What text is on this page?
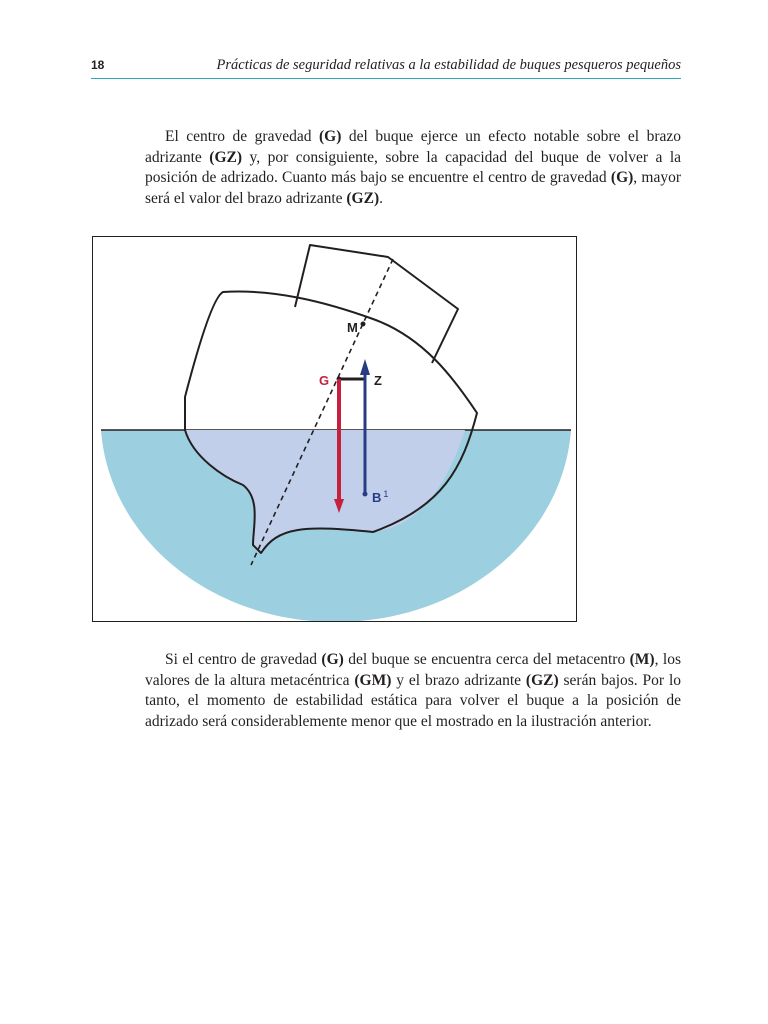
18	Prácticas de seguridad relativas a la estabilidad de buques pesqueros pequeños

El centro de gravedad (G) del buque ejerce un efecto notable sobre el brazo adrizante (GZ) y, por consiguiente, sobre la capacidad del buque de volver a la posición de adrizado. Cuanto más bajo se encuentre el centro de gravedad (G), mayor será el valor del brazo adrizante (GZ).

M
G	Z
B $^1$

Si el centro de gravedad (G) del buque se encuentra cerca del metacentro (M), los valores de la altura metacéntrica (GM) y el brazo adrizante (GZ) serán bajos. Por lo tanto, el momento de estabilidad estática para volver el buque a la posición de adrizado será considerablemente menor que el mostrado en la ilustración anterior.
